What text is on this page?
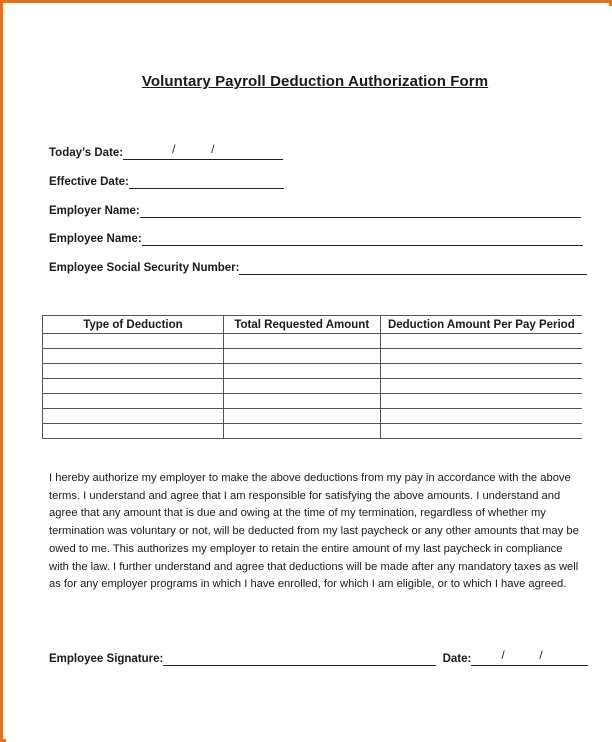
Voluntary Payroll Deduction Authorization Form
Today’s Date:	/	/
Effective Date:
Employer Name:
Employee Name:
Employee Social Security Number:
Type of Deduction	Total Requested Amount	Deduction Amount Per Pay Period

I hereby authorize my employer to make the above deductions from my pay in accordance with the above terms. I understand and agree that I am responsible for satisfying the above amounts. I understand and agree that any amount that is due and owing at the time of my termination, regardless of whether my termination was voluntary or not, will be deducted from my last paycheck or any other amounts that may be owed to me. This authorizes my employer to retain the entire amount of my last paycheck in compliance with the law. I further understand and agree that deductions will be made after any mandatory taxes as well as for any employer programs in which I have enrolled, for which I am eligible, or to which I have agreed.
Employee Signature:	Date:	/	/
